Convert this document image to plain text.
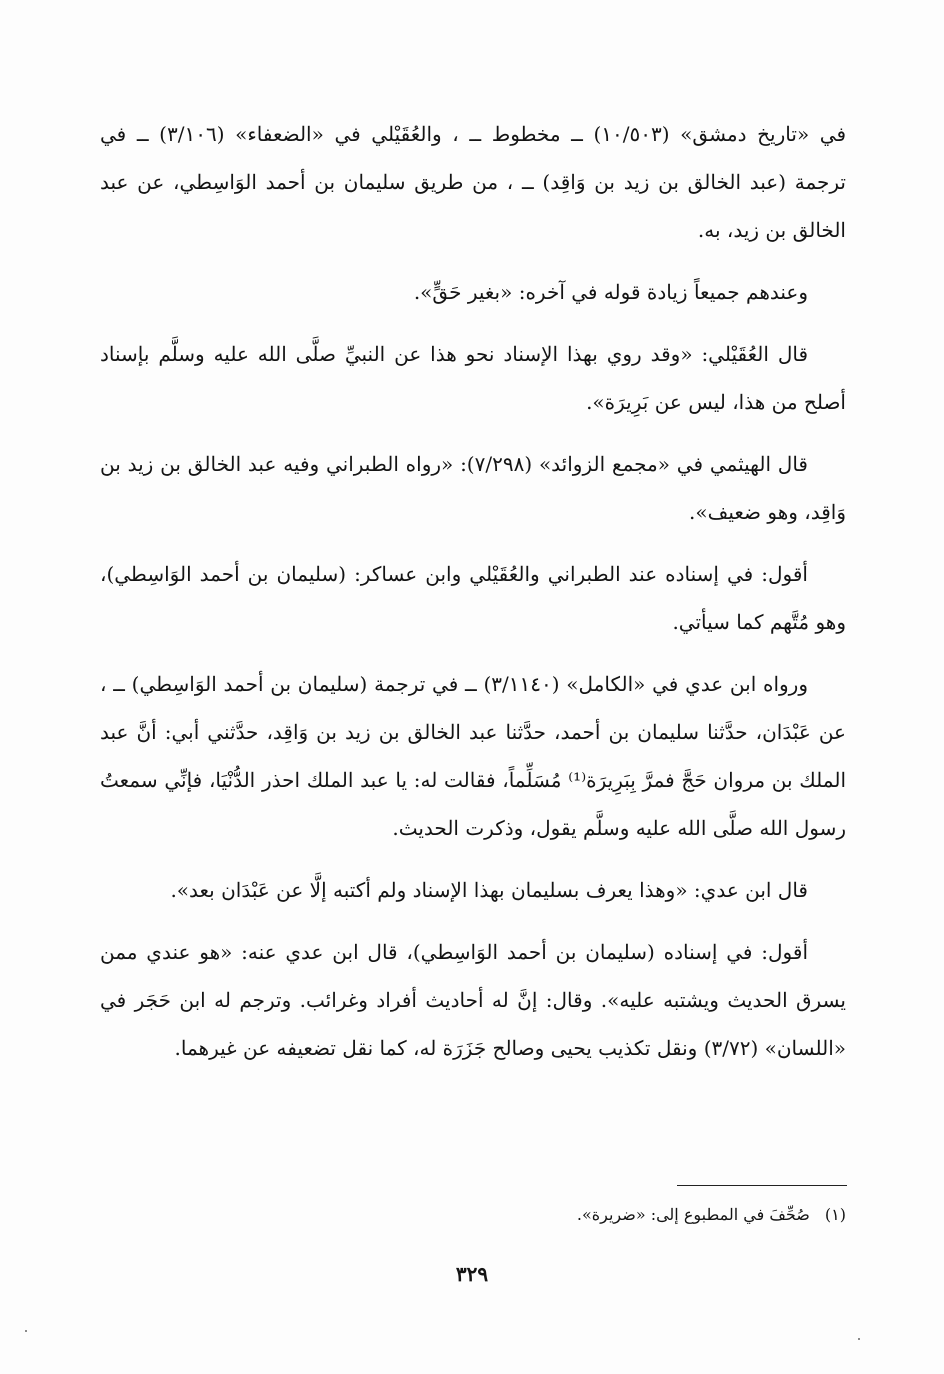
في «تاريخ دمشق» (١٠/٥٠٣) ــ مخطوط ــ ، والعُقَيْلي في «الضعفاء» (٣/١٠٦) ــ في ترجمة (عبد الخالق بن زيد بن وَاقِد) ــ ، من طريق سليمان بن أحمد الوَاسِطي، عن عبد الخالق بن زيد، به.

وعندهم جميعاً زيادة قوله في آخره: «بغير حَقٍّ».

قال العُقَيْلي: «وقد روي بهذا الإسناد نحو هذا عن النبيِّ صلَّى الله عليه وسلَّم بإسناد أصلح من هذا، ليس عن بَرِيرَة».

قال الهيثمي في «مجمع الزوائد» (٧/٢٩٨): «رواه الطبراني وفيه عبد الخالق بن زيد بن وَاقِد، وهو ضعيف».

أقول: في إسناده عند الطبراني والعُقَيْلي وابن عساكر: (سليمان بن أحمد الوَاسِطي)، وهو مُتَّهم كما سيأتي.

ورواه ابن عدي في «الكامل» (٣/١١٤٠) ــ في ترجمة (سليمان بن أحمد الوَاسِطي) ــ ، عن عَبْدَان، حدَّثنا سليمان بن أحمد، حدَّثنا عبد الخالق بن زيد بن وَاقِد، حدَّثني أبي: أنَّ عبد الملك بن مروان حَجَّ فمرَّ بِبَرِيرَة⁽¹⁾ مُسَلِّماً، فقالت له: يا عبد الملك احذر الدُّنْيَا، فإنِّي سمعتُ رسول الله صلَّى الله عليه وسلَّم يقول، وذكرت الحديث.

قال ابن عدي: «وهذا يعرف بسليمان بهذا الإسناد ولم أكتبه إلَّا عن عَبْدَان بعد».

أقول: في إسناده (سليمان بن أحمد الوَاسِطي)، قال ابن عدي عنه: «هو عندي ممن يسرق الحديث ويشتبه عليه». وقال: إنَّ له أحاديث أفراد وغرائب. وترجم له ابن حَجَر في «اللسان» (٣/٧٢) ونقل تكذيب يحيى وصالح جَزَرَة له، كما نقل تضعيفه عن غيرهما.

(١) صُحِّفَ في المطبوع إلى: «ضريرة».
٣٢٩
